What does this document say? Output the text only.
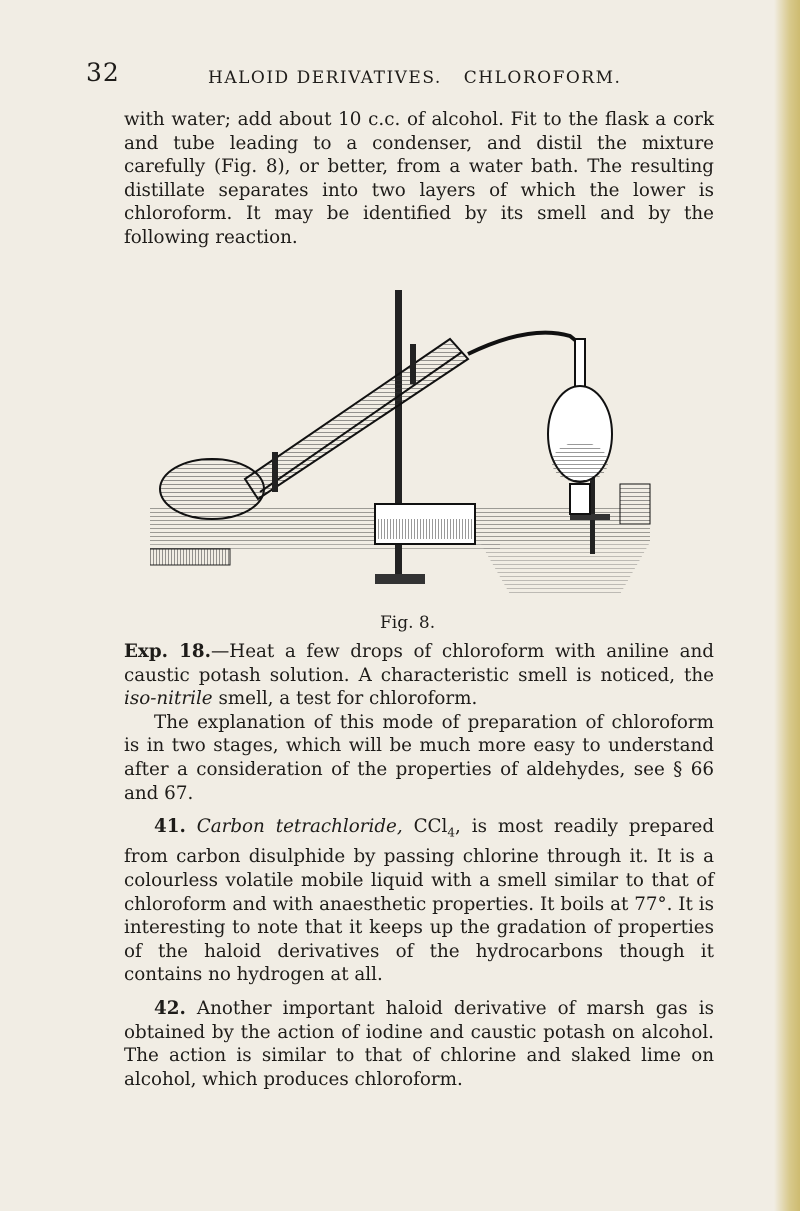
32	HALOID DERIVATIVES. CHLOROFORM.

with water; add about 10 c.c. of alcohol. Fit to the flask a cork and tube leading to a condenser, and distil the mixture carefully (Fig. 8), or better, from a water bath. The resulting distillate separates into two layers of which the lower is chloroform. It may be identified by its smell and by the following reaction.

Fig. 8.

Exp. 18.—Heat a few drops of chloroform with aniline and caustic potash solution. A characteristic smell is noticed, the iso-nitrile smell, a test for chloroform.

The explanation of this mode of preparation of chloroform is in two stages, which will be much more easy to understand after a consideration of the properties of aldehydes, see § 66 and 67.

41. Carbon tetrachloride, CCl$_4$, is most readily prepared from carbon disulphide by passing chlorine through it. It is a colourless volatile mobile liquid with a smell similar to that of chloroform and with anaesthetic properties. It boils at 77°. It is interesting to note that it keeps up the gradation of properties of the haloid derivatives of the hydrocarbons though it contains no hydrogen at all.

42. Another important haloid derivative of marsh gas is obtained by the action of iodine and caustic potash on alcohol. The action is similar to that of chlorine and slaked lime on alcohol, which produces chloroform.
